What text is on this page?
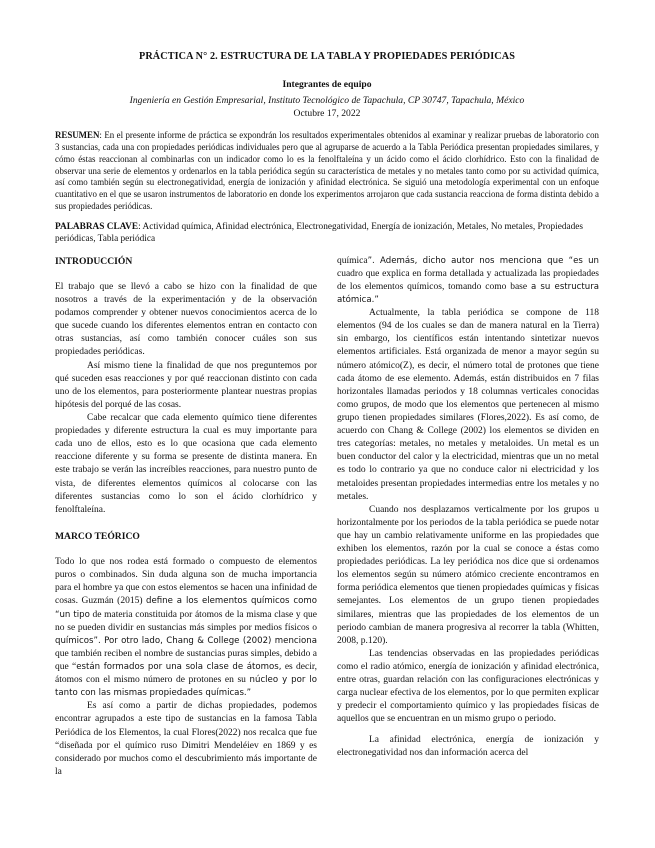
PRÁCTICA N° 2. ESTRUCTURA DE LA TABLA Y PROPIEDADES PERIÓDICAS
Integrantes de equipo
Ingeniería en Gestión Empresarial, Instituto Tecnológico de Tapachula, CP 30747, Tapachula, México
Octubre 17, 2022
RESUMEN: En el presente informe de práctica se expondrán los resultados experimentales obtenidos al examinar y realizar pruebas de laboratorio con 3 sustancias, cada una con propiedades periódicas individuales pero que al agruparse de acuerdo a la Tabla Periódica presentan propiedades similares, y cómo éstas reaccionan al combinarlas con un indicador como lo es la fenolftaleína y un ácido como el ácido clorhídrico. Esto con la finalidad de observar una serie de elementos y ordenarlos en la tabla periódica según su característica de metales y no metales tanto como por su actividad química, así como también según su electronegatividad, energía de ionización y afinidad electrónica. Se siguió una metodología experimental con un enfoque cuantitativo en el que se usaron instrumentos de laboratorio en donde los experimentos arrojaron que cada sustancia reacciona de forma distinta debido a sus propiedades periódicas.
PALABRAS CLAVE: Actividad química, Afinidad electrónica, Electronegatividad, Energía de ionización, Metales, No metales, Propiedades periódicas, Tabla periódica
INTRODUCCIÓN

El trabajo que se llevó a cabo se hizo con la finalidad de que nosotros a través de la experimentación y de la observación podamos comprender y obtener nuevos conocimientos acerca de lo que sucede cuando los diferentes elementos entran en contacto con otras sustancias, así como también conocer cuáles son sus propiedades periódicas.

Así mismo tiene la finalidad de que nos preguntemos por qué suceden esas reacciones y por qué reaccionan distinto con cada uno de los elementos, para posteriormente plantear nuestras propias hipótesis del porqué de las cosas.

Cabe recalcar que cada elemento químico tiene diferentes propiedades y diferente estructura la cual es muy importante para cada uno de ellos, esto es lo que ocasiona que cada elemento reaccione diferente y su forma se presente de distinta manera. En este trabajo se verán las increíbles reacciones, para nuestro punto de vista, de diferentes elementos químicos al colocarse con las diferentes sustancias como lo son el ácido clorhídrico y fenolftaleína.

MARCO TEÓRICO

Todo lo que nos rodea está formado o compuesto de elementos puros o combinados. Sin duda alguna son de mucha importancia para el hombre ya que con estos elementos se hacen una infinidad de cosas. Guzmán (2015) define a los elementos químicos como “un tipo de materia constituida por átomos de la misma clase y que no se pueden dividir en sustancias más simples por medios físicos o químicos”. Por otro lado, Chang & College (2002) menciona que también reciben el nombre de sustancias puras simples, debido a que “están formados por una sola clase de átomos, es decir, átomos con el mismo número de protones en su núcleo y por lo tanto con las mismas propiedades químicas.”

Es así como a partir de dichas propiedades, podemos encontrar agrupados a este tipo de sustancias en la famosa Tabla Periódica de los Elementos, la cual Flores(2022) nos recalca que fue “diseñada por el químico ruso Dimitri Mendeléiev en 1869 y es considerado por muchos como el descubrimiento más importante de la

química”. Además, dicho autor nos menciona que “es un cuadro que explica en forma detallada y actualizada las propiedades de los elementos químicos, tomando como base a su estructura atómica.”

Actualmente, la tabla periódica se compone de 118 elementos (94 de los cuales se dan de manera natural en la Tierra) sin embargo, los científicos están intentando sintetizar nuevos elementos artificiales. Está organizada de menor a mayor según su número atómico(Z), es decir, el número total de protones que tiene cada átomo de ese elemento. Además, están distribuidos en 7 filas horizontales llamadas periodos y 18 columnas verticales conocidas como grupos, de modo que los elementos que pertenecen al mismo grupo tienen propiedades similares (Flores,2022). Es así como, de acuerdo con Chang & College (2002) los elementos se dividen en tres categorías: metales, no metales y metaloides. Un metal es un buen conductor del calor y la electricidad, mientras que un no metal es todo lo contrario ya que no conduce calor ni electricidad y los metaloides presentan propiedades intermedias entre los metales y no metales.

Cuando nos desplazamos verticalmente por los grupos u horizontalmente por los periodos de la tabla periódica se puede notar que hay un cambio relativamente uniforme en las propiedades que exhiben los elementos, razón por la cual se conoce a éstas como propiedades periódicas. La ley periódica nos dice que si ordenamos los elementos según su número atómico creciente encontramos en forma periódica elementos que tienen propiedades químicas y físicas semejantes. Los elementos de un grupo tienen propiedades similares, mientras que las propiedades de los elementos de un periodo cambian de manera progresiva al recorrer la tabla (Whitten, 2008, p.120).

Las tendencias observadas en las propiedades periódicas como el radio atómico, energía de ionización y afinidad electrónica, entre otras, guardan relación con las configuraciones electrónicas y carga nuclear efectiva de los elementos, por lo que permiten explicar y predecir el comportamiento químico y las propiedades físicas de aquellos que se encuentran en un mismo grupo o periodo.

La afinidad electrónica, energía de ionización y electronegatividad nos dan información acerca del
